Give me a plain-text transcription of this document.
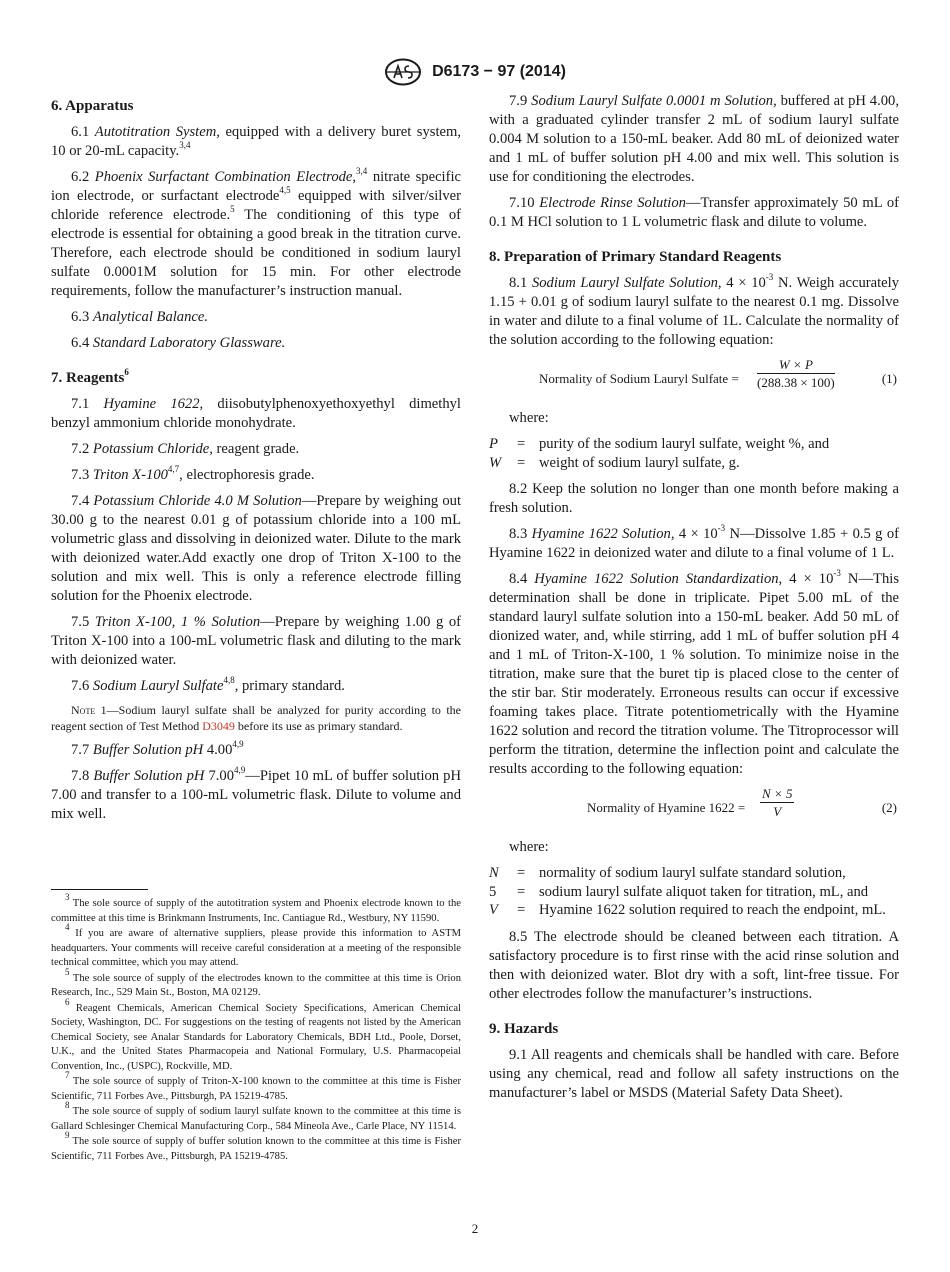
D6173 − 97 (2014)
6. Apparatus

6.1 Autotitration System, equipped with a delivery buret system, 10 or 20-mL capacity.$^{3,4}$

6.2 Phoenix Surfactant Combination Electrode,$^{3,4}$ nitrate specific ion electrode, or surfactant electrode$^{4,5}$ equipped with silver/silver chloride reference electrode.$^5$ The conditioning of this type of electrode is essential for obtaining a good break in the titration curve. Therefore, each electrode should be conditioned in sodium lauryl sulfate 0.0001M solution for 15 min. For other electrode requirements, follow the manufacturer’s instruction manual.

6.3 Analytical Balance.

6.4 Standard Laboratory Glassware.

7. Reagents$^6$

7.1 Hyamine 1622, diisobutylphenoxyethoxyethyl dimethyl benzyl ammonium chloride monohydrate.

7.2 Potassium Chloride, reagent grade.

7.3 Triton X-100$^{4,7}$, electrophoresis grade.

7.4 Potassium Chloride 4.0 M Solution—Prepare by weighing out 30.00 g to the nearest 0.01 g of potassium chloride into a 100 mL volumetric glass and dissolving in deionized water. Dilute to the mark with deionized water.Add exactly one drop of Triton X-100 to the solution and mix well. This is only a reference electrode filling solution for the Phoenix electrode.

7.5 Triton X-100, 1 % Solution—Prepare by weighing 1.00 g of Triton X-100 into a 100-mL volumetric flask and diluting to the mark with deionized water.

7.6 Sodium Lauryl Sulfate$^{4,8}$, primary standard.

Note 1—Sodium lauryl sulfate shall be analyzed for purity according to the reagent section of Test Method D3049 before its use as primary standard.

7.7 Buffer Solution pH 4.00$^{4,9}$

7.8 Buffer Solution pH 7.00$^{4,9}$—Pipet 10 mL of buffer solution pH 7.00 and transfer to a 100-mL volumetric flask. Dilute to volume and mix well.

$^3$ The sole source of supply of the autotitration system and Phoenix electrode known to the committee at this time is Brinkmann Instruments, Inc. Cantiague Rd., Westbury, NY 11590.

$^4$ If you are aware of alternative suppliers, please provide this information to ASTM headquarters. Your comments will receive careful consideration at a meeting of the responsible technical committee, which you may attend.

$^5$ The sole source of supply of the electrodes known to the committee at this time is Orion Research, Inc., 529 Main St., Boston, MA 02129.

$^6$ Reagent Chemicals, American Chemical Society Specifications, American Chemical Society, Washington, DC. For suggestions on the testing of reagents not listed by the American Chemical Society, see Analar Standards for Laboratory Chemicals, BDH Ltd., Poole, Dorset, U.K., and the United States Pharmacopeia and National Formulary, U.S. Pharmacopeial Convention, Inc., (USPC), Rockville, MD.

$^7$ The sole source of supply of Triton-X-100 known to the committee at this time is Fisher Scientific, 711 Forbes Ave., Pittsburgh, PA 15219-4785.

$^8$ The sole source of supply of sodium lauryl sulfate known to the committee at this time is Gallard Schlesinger Chemical Manufacturing Corp., 584 Mineola Ave., Carle Place, NY 11514.

$^9$ The sole source of supply of buffer solution known to the committee at this time is Fisher Scientific, 711 Forbes Ave., Pittsburgh, PA 15219-4785.

7.9 Sodium Lauryl Sulfate 0.0001 m Solution, buffered at pH 4.00, with a graduated cylinder transfer 2 mL of sodium lauryl sulfate 0.004 M solution to a 150-mL beaker. Add 80 mL of deionized water and 1 mL of buffer solution pH 4.00 and mix well. This solution is use for conditioning the electrodes.

7.10 Electrode Rinse Solution—Transfer approximately 50 mL of 0.1 M HCl solution to 1 L volumetric flask and dilute to volume.

8. Preparation of Primary Standard Reagents

8.1 Sodium Lauryl Sulfate Solution, $4 \times 10^{-3}$ N. Weigh accurately 1.15 + 0.01 g of sodium lauryl sulfate to the nearest 0.1 mg. Dissolve in water and dilute to a final volume of 1L. Calculate the normality of the solution according to the following equation:

Normality of Sodium Lauryl Sulfate = $\frac{W \times P}{(288.38 \times 100)}$	(1)

where:

P	= purity of the sodium lauryl sulfate, weight %, and
W	= weight of sodium lauryl sulfate, g.

8.2 Keep the solution no longer than one month before making a fresh solution.

8.3 Hyamine 1622 Solution, $4 \times 10^{-3}$ N—Dissolve 1.85 + 0.5 g of Hyamine 1622 in deionized water and dilute to a final volume of 1 L.

8.4 Hyamine 1622 Solution Standardization, $4 \times 10^{-3}$ N—This determination shall be done in triplicate. Pipet 5.00 mL of the standard lauryl sulfate solution into a 150-mL beaker. Add 50 mL of dionized water, and, while stirring, add 1 mL of buffer solution pH 4 and 1 mL of Triton-X-100, 1 % solution. To minimize noise in the titration, make sure that the buret tip is placed close to the center of the stir bar. Stir moderately. Erroneous results can occur if excessive foaming takes place. Titrate potentiometrically with the Hyamine 1622 solution and record the titration volume. The Titroprocessor will perform the titration, determine the inflection point and calculate the results according to the following equation:

Normality of Hyamine $1622 = \frac{N \times 5}{V}$	(2)

where:

N	= normality of sodium lauryl sulfate standard solution,
5	= sodium lauryl sulfate aliquot taken for titration, mL, and
V	= Hyamine 1622 solution required to reach the endpoint, mL.

8.5 The electrode should be cleaned between each titration. A satisfactory procedure is to first rinse with the acid rinse solution and then with deionized water. Blot dry with a soft, lint-free tissue. For other electrodes follow the manufacturer’s instructions.

9. Hazards

9.1 All reagents and chemicals shall be handled with care. Before using any chemical, read and follow all safety instructions on the manufacturer’s label or MSDS (Material Safety Data Sheet).

2
